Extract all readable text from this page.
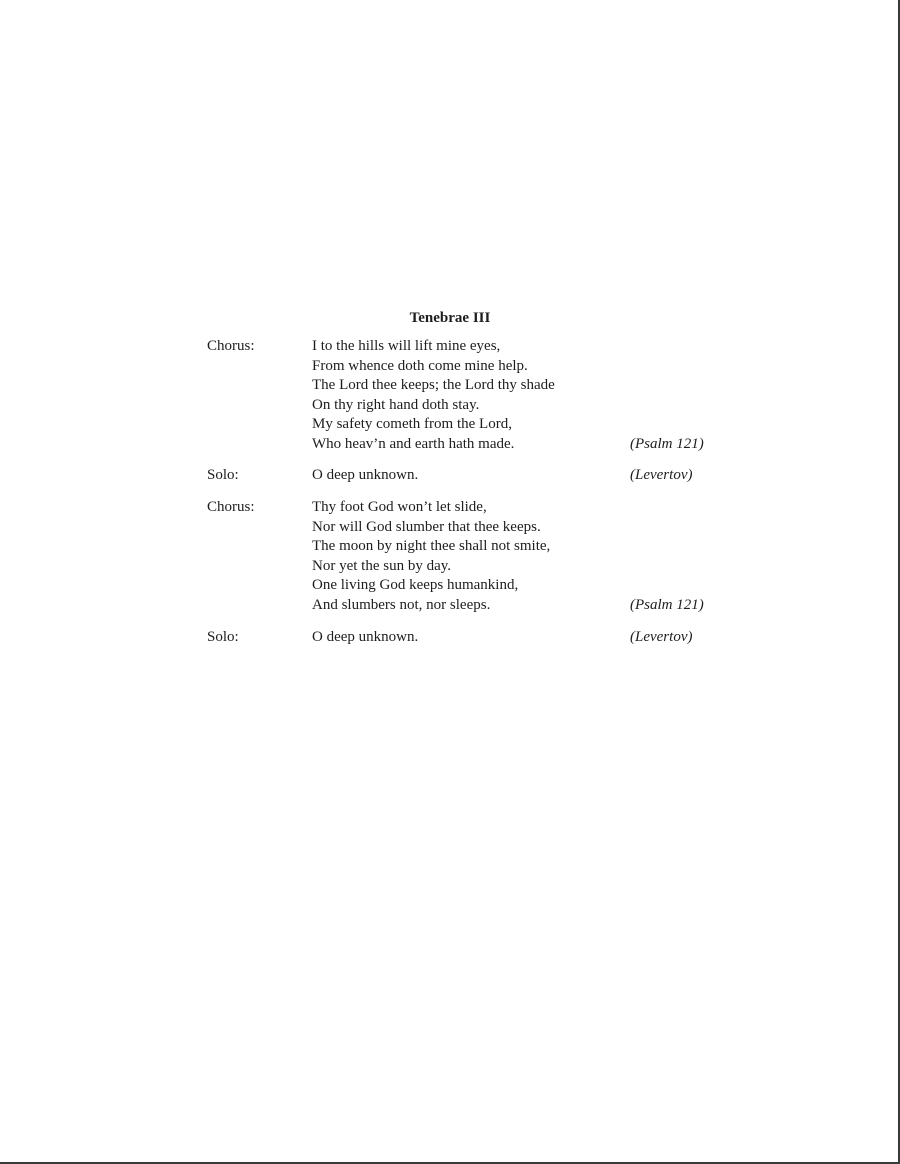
Tenebrae III
Chorus:	I to the hills will lift mine eyes,
From whence doth come mine help.
The Lord thee keeps; the Lord thy shade
On thy right hand doth stay.
My safety cometh from the Lord,
Who heav’n and earth hath made.	(Psalm 121)
Solo:	O deep unknown.	(Levertov)
Chorus:	Thy foot God won’t let slide,
Nor will God slumber that thee keeps.
The moon by night thee shall not smite,
Nor yet the sun by day.
One living God keeps humankind,
And slumbers not, nor sleeps.	(Psalm 121)
Solo:	O deep unknown.	(Levertov)
